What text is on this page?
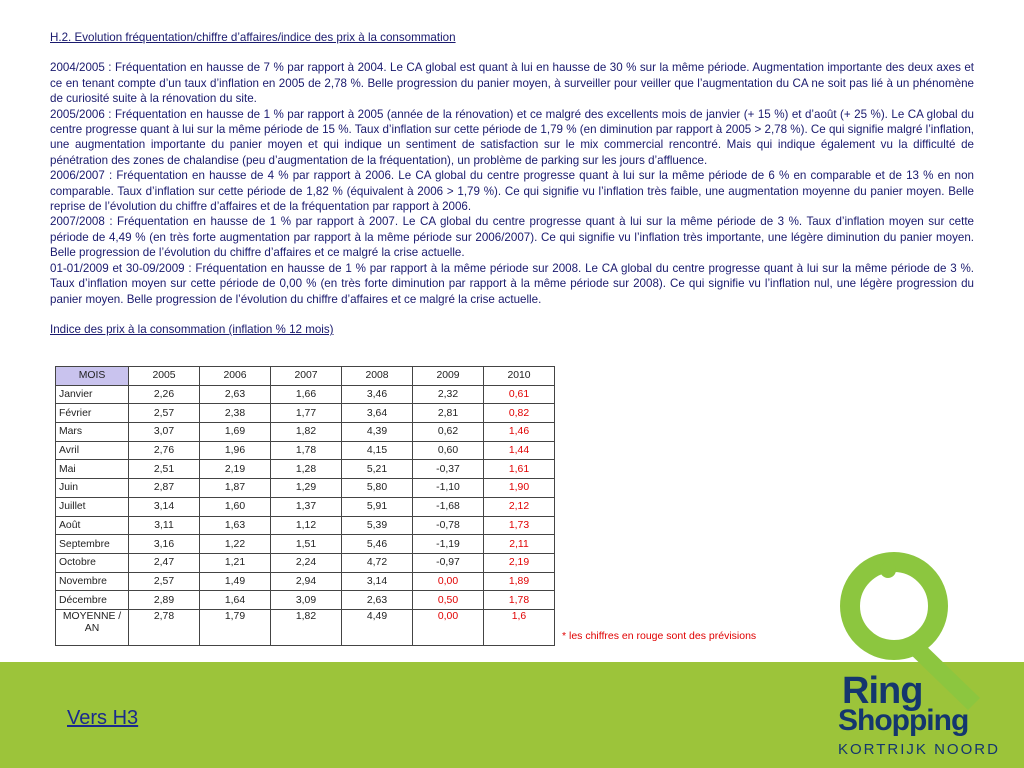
H.2. Evolution fréquentation/chiffre d’affaires/indice des prix à la consommation

2004/2005 : Fréquentation en hausse de 7 % par rapport à 2004. Le CA global est quant à lui en hausse de 30 % sur la même période. Augmentation importante des deux axes et ce en tenant compte d’un taux d’inflation en 2005 de 2,78 %. Belle progression du panier moyen, à surveiller pour veiller que l’augmentation du CA ne soit pas lié à un phénomène de curiosité suite à la rénovation du site.

2005/2006 : Fréquentation en hausse de 1 % par rapport à 2005 (année de la rénovation) et ce malgré des excellents mois de janvier (+ 15 %) et d’août (+ 25 %). Le CA global du centre progresse quant à lui sur la même période de 15 %. Taux d’inflation sur cette période de 1,79 % (en diminution par rapport à 2005 > 2,78 %). Ce qui signifie malgré l’inflation, une augmentation importante du panier moyen et qui indique un sentiment de satisfaction sur le mix commercial rencontré. Mais qui indique également vu la difficulté de pénétration des zones de chalandise (peu d’augmentation de la fréquentation), un problème de parking sur les jours d’affluence.

2006/2007 : Fréquentation en hausse de 4 % par rapport à 2006. Le CA global du centre progresse quant à lui sur la même période de 6 % en comparable et de 13 % en non comparable. Taux d’inflation sur cette période de 1,82 % (équivalent à 2006 > 1,79 %). Ce qui signifie vu l’inflation très faible, une augmentation moyenne du panier moyen. Belle reprise de l’évolution du chiffre d’affaires et de la fréquentation par rapport à 2006.

2007/2008 : Fréquentation en hausse de 1 % par rapport à 2007. Le CA global du centre progresse quant à lui sur la même période de 3 %. Taux d’inflation moyen sur cette période de 4,49 % (en très forte augmentation par rapport à la même période sur 2006/2007). Ce qui signifie vu l’inflation très importante, une légère diminution du panier moyen. Belle progression de l’évolution du chiffre d’affaires et ce malgré la crise actuelle.

01-01/2009 et 30-09/2009 : Fréquentation en hausse de 1 % par rapport à la même période sur 2008. Le CA global du centre progresse quant à lui sur la même période de 3 %. Taux d’inflation moyen sur cette période de 0,00 % (en très forte diminution par rapport à la même période sur 2008). Ce qui signifie vu l’inflation nul, une légère progression du panier moyen. Belle progression de l’évolution du chiffre d’affaires et ce malgré la crise actuelle.

Indice des prix à la consommation (inflation % 12 mois)

MOIS	2005	2006	2007	2008	2009	2010
Janvier	2,26	2,63	1,66	3,46	2,32	0,61
Février	2,57	2,38	1,77	3,64	2,81	0,82
Mars	3,07	1,69	1,82	4,39	0,62	1,46
Avril	2,76	1,96	1,78	4,15	0,60	1,44
Mai	2,51	2,19	1,28	5,21	-0,37	1,61
Juin	2,87	1,87	1,29	5,80	-1,10	1,90
Juillet	3,14	1,60	1,37	5,91	-1,68	2,12
Août	3,11	1,63	1,12	5,39	-0,78	1,73
Septembre	3,16	1,22	1,51	5,46	-1,19	2,11
Octobre	2,47	1,21	2,24	4,72	-0,97	2,19
Novembre	2,57	1,49	2,94	3,14	0,00	1,89
Décembre	2,89	1,64	3,09	2,63	0,50	1,78
MOYENNE / AN	2,78	1,79	1,82	4,49	0,00	1,6
* les chiffres en rouge sont des prévisions
Vers H3
Ring
Shopping
KORTRIJK NOORD
